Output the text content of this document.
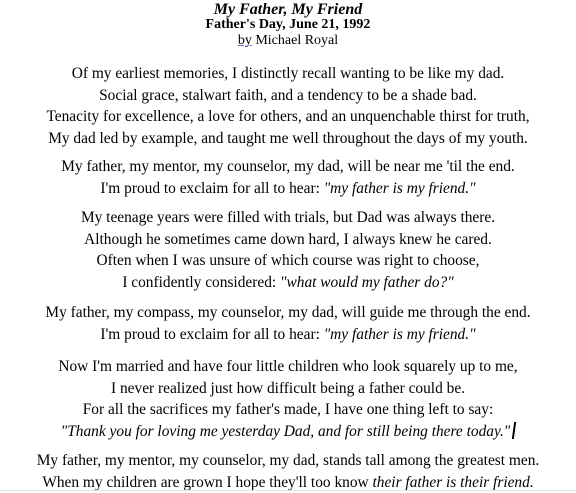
My Father, My Friend
Father's Day, June 21, 1992
by Michael Royal
Of my earliest memories, I distinctly recall wanting to be like my dad.
Social grace, stalwart faith, and a tendency to be a shade bad.
Tenacity for excellence, a love for others, and an unquenchable thirst for truth,
My dad led by example, and taught me well throughout the days of my youth.
My father, my mentor, my counselor, my dad, will be near me 'til the end.
I'm proud to exclaim for all to hear: "my father is my friend."
My teenage years were filled with trials, but Dad was always there.
Although he sometimes came down hard, I always knew he cared.
Often when I was unsure of which course was right to choose,
I confidently considered: "what would my father do?"
My father, my compass, my counselor, my dad, will guide me through the end.
I'm proud to exclaim for all to hear: "my father is my friend."
Now I'm married and have four little children who look squarely up to me,
I never realized just how difficult being a father could be.
For all the sacrifices my father's made, I have one thing left to say:
"Thank you for loving me yesterday Dad, and for still being there today."
My father, my mentor, my counselor, my dad, stands tall among the greatest men.
When my children are grown I hope they'll too know their father is their friend.
